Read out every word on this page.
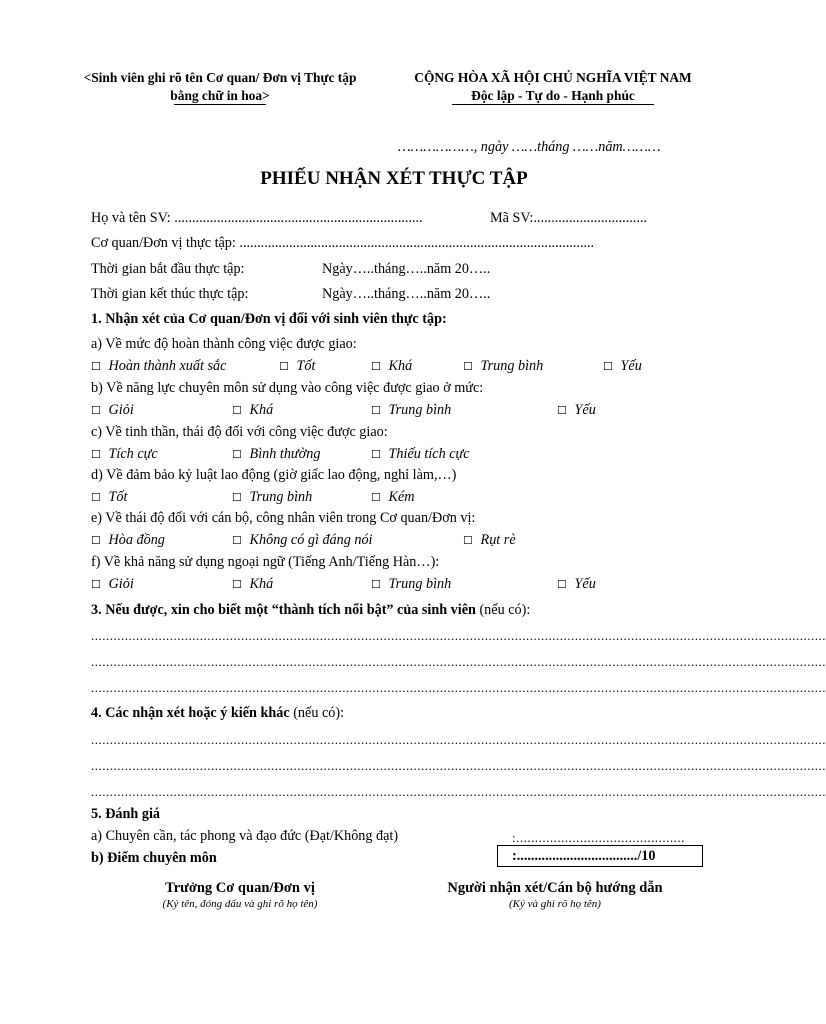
<Sinh viên ghi rõ tên Cơ quan/ Đơn vị Thực tập
bằng chữ in hoa>
CỘNG HÒA XÃ HỘI CHỦ NGHĨA VIỆT NAM
Độc lập - Tự do - Hạnh phúc
………………, ngày ……tháng ……năm………
PHIẾU NHẬN XÉT THỰC TẬP
Họ và tên SV: ......................................................................	Mã SV:................................
Cơ quan/Đơn vị thực tập: ....................................................................................................
Thời gian bắt đầu thực tập:	Ngày…..tháng…..năm 20…..
Thời gian kết thúc thực tập:	Ngày…..tháng…..năm 20…..
1. Nhận xét của Cơ quan/Đơn vị đối với sinh viên thực tập:
a) Về mức độ hoàn thành công việc được giao:
☐ Hoàn thành xuất sắc	☐ Tốt	☐ Khá	☐ Trung bình	☐ Yếu
b) Về năng lực chuyên môn sử dụng vào công việc được giao ở mức:
☐ Giỏi	☐ Khá	☐ Trung bình	☐ Yếu
c) Về tinh thần, thái độ đối với công việc được giao:
☐ Tích cực	☐ Bình thường	☐ Thiếu tích cực
d) Về đảm bảo kỷ luật lao động (giờ giấc lao động, nghỉ làm,…)
☐ Tốt	☐ Trung bình	☐ Kém
e) Về thái độ đối với cán bộ, công nhân viên trong Cơ quan/Đơn vị:
☐ Hòa đồng	☐ Không có gì đáng nói	☐ Rụt rè
f) Về khả năng sử dụng ngoại ngữ (Tiếng Anh/Tiếng Hàn…):
☐ Giỏi	☐ Khá	☐ Trung bình	☐ Yếu
3. Nếu được, xin cho biết một “thành tích nổi bật” của sinh viên (nếu có):
....................................................................................................................................................................................................
....................................................................................................................................................................................................
....................................................................................................................................................................................................
4. Các nhận xét hoặc ý kiến khác (nếu có):
....................................................................................................................................................................................................
....................................................................................................................................................................................................
....................................................................................................................................................................................................
5. Đánh giá
a) Chuyên cần, tác phong và đạo đức (Đạt/Không đạt)	:.............................................
b) Điểm chuyên môn	:................................../10
Trưởng Cơ quan/Đơn vị
(Ký tên, đóng dấu và ghi rõ họ tên)
Người nhận xét/Cán bộ hướng dẫn
(Ký và ghi rõ họ tên)
